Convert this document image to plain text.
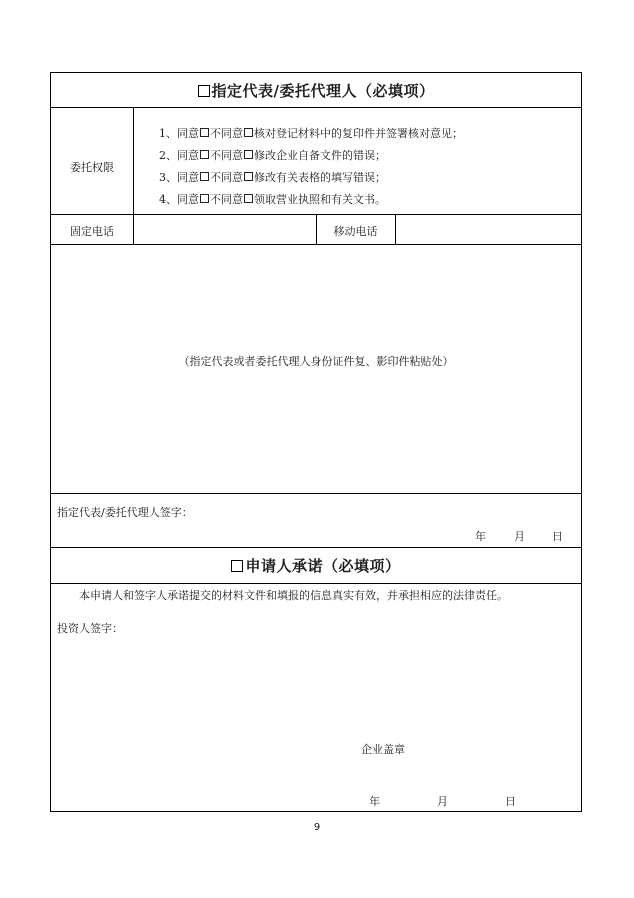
指定代表/委托代理人（必填项）
委托权限
1、同意 不同意 核对登记材料中的复印件并签署核对意见；
2、同意 不同意 修改企业自备文件的错误；
3、同意 不同意 修改有关表格的填写错误；
4、同意 不同意 领取营业执照和有关文书。
固定电话	移动电话
（指定代表或者委托代理人身份证件复、影印件粘贴处）
指定代表/委托代理人签字：
年	月 日
申请人承诺（必填项）
本申请人和签字人承诺提交的材料文件和填报的信息真实有效，并承担相应的法律责任。
投资人签字：
企业盖章
年	月	日
9
